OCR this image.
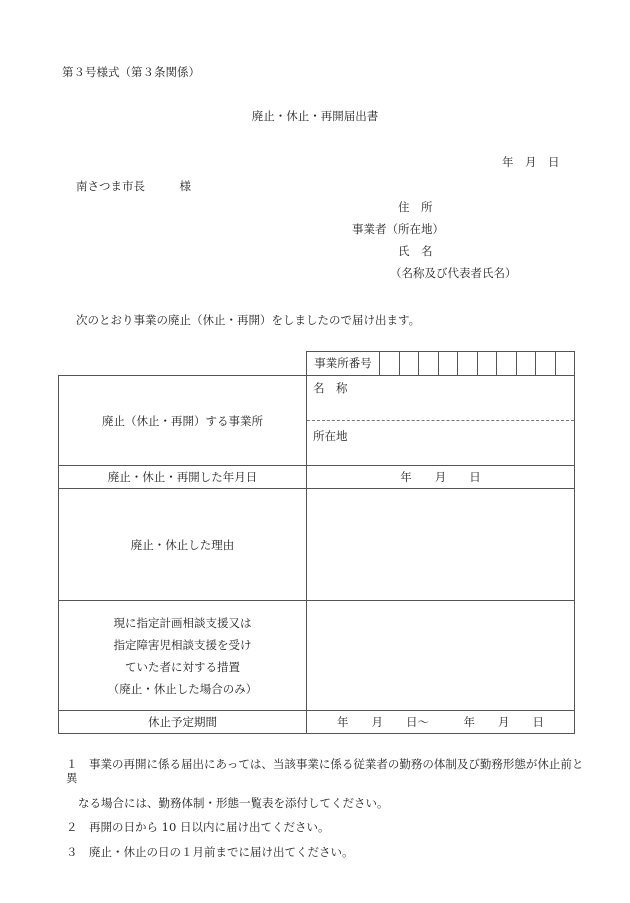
第３号様式（第３条関係）
廃止・休止・再開届出書
年　月　日
南さつま市長　　　様
住　所
事業者（所在地）
氏　名
（名称及び代表者氏名）
次のとおり事業の廃止（休止・再開）をしましたので届け出ます。

	事業所番号

廃止（休止・再開）する事業所	名　称
所在地

廃止・休止・再開した年月日	年　　月　　日
廃止・休止した理由	

現に指定計画相談支援又は
指定障害児相談支援を受け
ていた者に対する措置
（廃止・休止した場合のみ）	

休止予定期間	年　　月　　日～　　　年　　月　　日

１　事業の再開に係る届出にあっては、当該事業に係る従業者の勤務の体制及び勤務形態が休止前と異

なる場合には、勤務体制・形態一覧表を添付してください。

２　再開の日から 10 日以内に届け出てください。

３　廃止・休止の日の１月前までに届け出てください。
